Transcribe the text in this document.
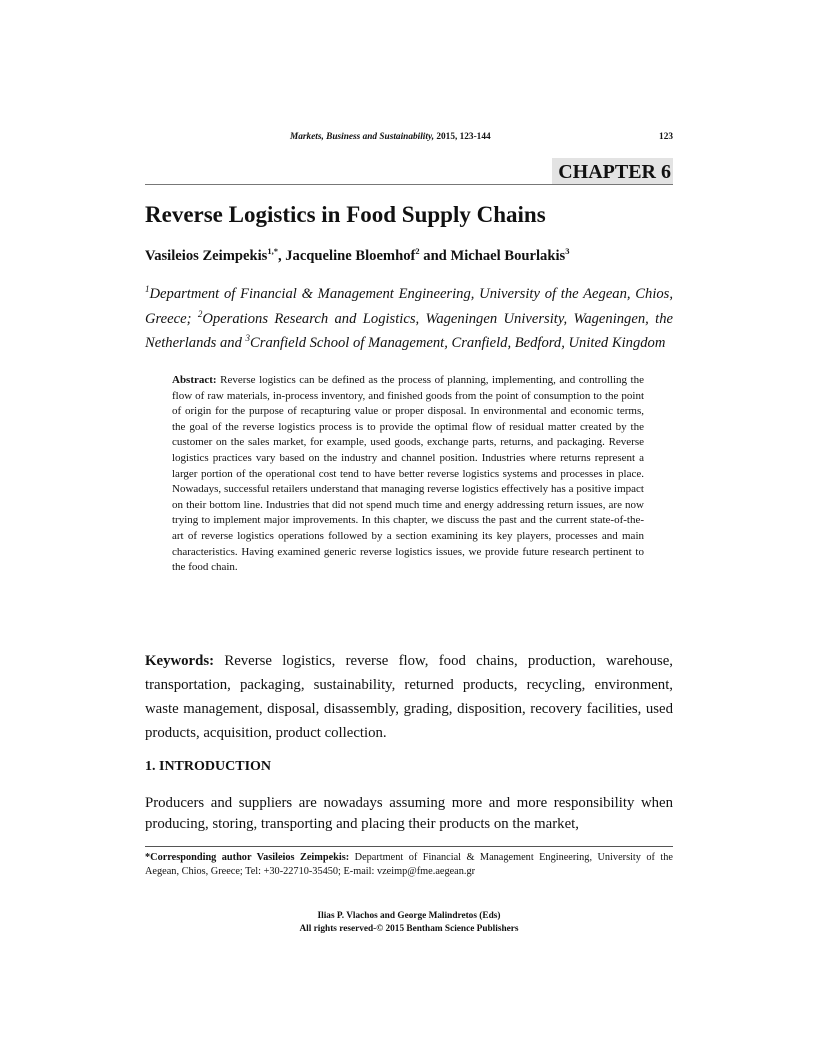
Markets, Business and Sustainability, 2015, 123-144	123
CHAPTER 6
Reverse Logistics in Food Supply Chains
Vasileios Zeimpekis$^{1,*}$, Jacqueline Bloemhof$^2$ and Michael Bourlakis$^3$
$^1$Department of Financial & Management Engineering, University of the Aegean, Chios, Greece; $^2$Operations Research and Logistics, Wageningen University, Wageningen, the Netherlands and $^3$Cranfield School of Management, Cranfield, Bedford, United Kingdom
Abstract: Reverse logistics can be defined as the process of planning, implementing, and controlling the flow of raw materials, in-process inventory, and finished goods from the point of consumption to the point of origin for the purpose of recapturing value or proper disposal. In environmental and economic terms, the goal of the reverse logistics process is to provide the optimal flow of residual matter created by the customer on the sales market, for example, used goods, exchange parts, returns, and packaging. Reverse logistics practices vary based on the industry and channel position. Industries where returns represent a larger portion of the operational cost tend to have better reverse logistics systems and processes in place. Nowadays, successful retailers understand that managing reverse logistics effectively has a positive impact on their bottom line. Industries that did not spend much time and energy addressing return issues, are now trying to implement major improvements. In this chapter, we discuss the past and the current state-of-the-art of reverse logistics operations followed by a section examining its key players, processes and main characteristics. Having examined generic reverse logistics issues, we provide future research pertinent to the food chain.
Keywords: Reverse logistics, reverse flow, food chains, production, warehouse, transportation, packaging, sustainability, returned products, recycling, environment, waste management, disposal, disassembly, grading, disposition, recovery facilities, used products, acquisition, product collection.
1. INTRODUCTION
Producers and suppliers are nowadays assuming more and more responsibility when producing, storing, transporting and placing their products on the market,
*Corresponding author Vasileios Zeimpekis: Department of Financial & Management Engineering, University of the Aegean, Chios, Greece; Tel: +30-22710-35450; E-mail: vzeimp@fme.aegean.gr
Ilias P. Vlachos and George Malindretos (Eds)
All rights reserved-© 2015 Bentham Science Publishers
